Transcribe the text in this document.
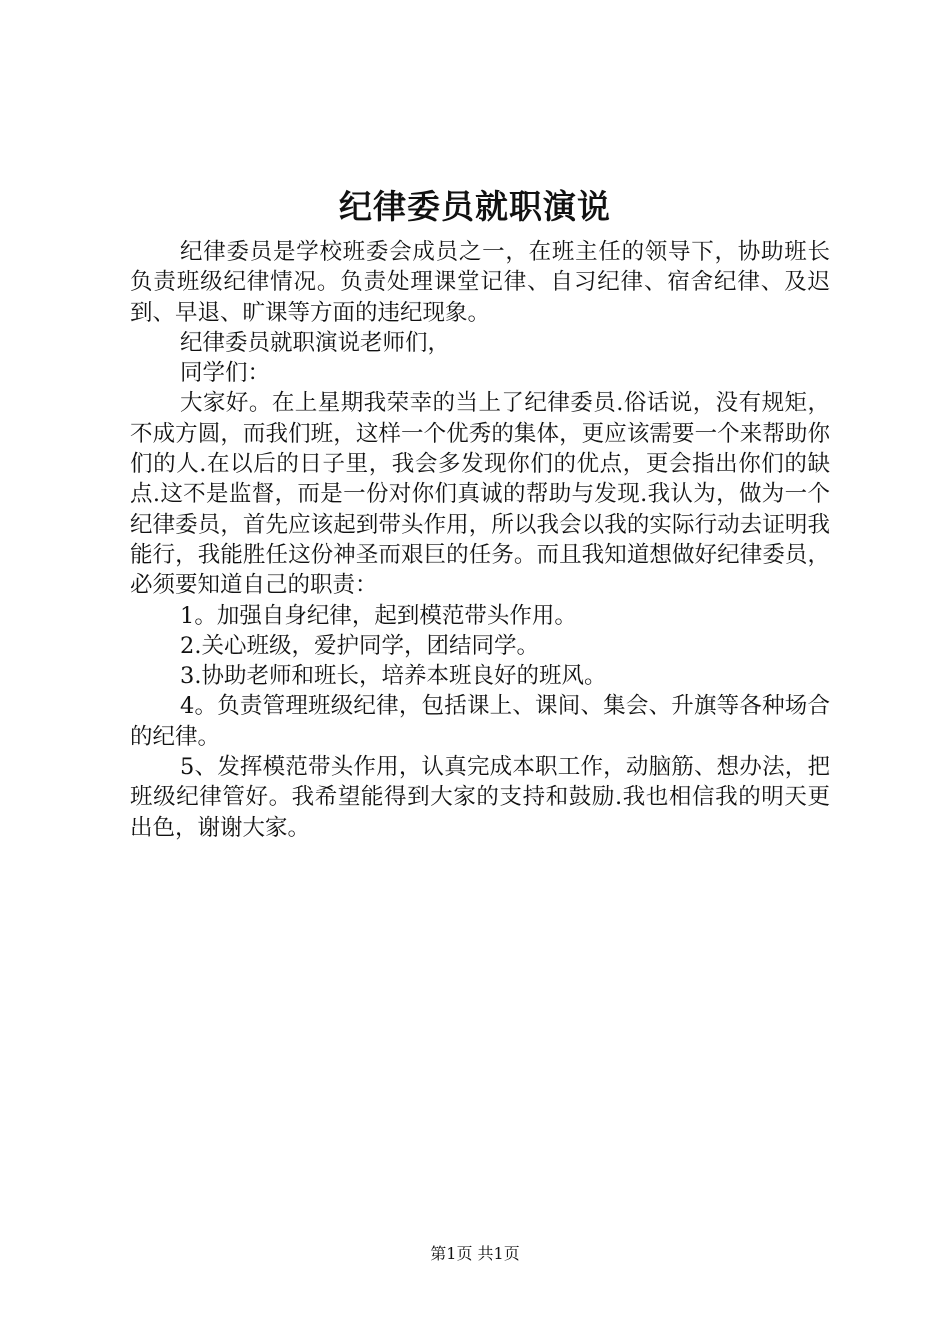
纪律委员就职演说

纪律委员是学校班委会成员之一，在班主任的领导下，协助班长负责班级纪律情况。负责处理课堂记律、自习纪律、宿舍纪律、及迟到、早退、旷课等方面的违纪现象。

纪律委员就职演说老师们，

同学们：

大家好。在上星期我荣幸的当上了纪律委员.俗话说，没有规矩，不成方圆，而我们班，这样一个优秀的集体，更应该需要一个来帮助你们的人.在以后的日子里，我会多发现你们的优点，更会指出你们的缺点.这不是监督，而是一份对你们真诚的帮助与发现.我认为，做为一个纪律委员，首先应该起到带头作用，所以我会以我的实际行动去证明我能行，我能胜任这份神圣而艰巨的任务。而且我知道想做好纪律委员，必须要知道自己的职责：

1。加强自身纪律，起到模范带头作用。

2.关心班级，爱护同学，团结同学。

3.协助老师和班长，培养本班良好的班风。

4。负责管理班级纪律，包括课上、课间、集会、升旗等各种场合的纪律。

5、发挥模范带头作用，认真完成本职工作，动脑筋、想办法，把班级纪律管好。我希望能得到大家的支持和鼓励.我也相信我的明天更出色，谢谢大家。

第1页 共1页
